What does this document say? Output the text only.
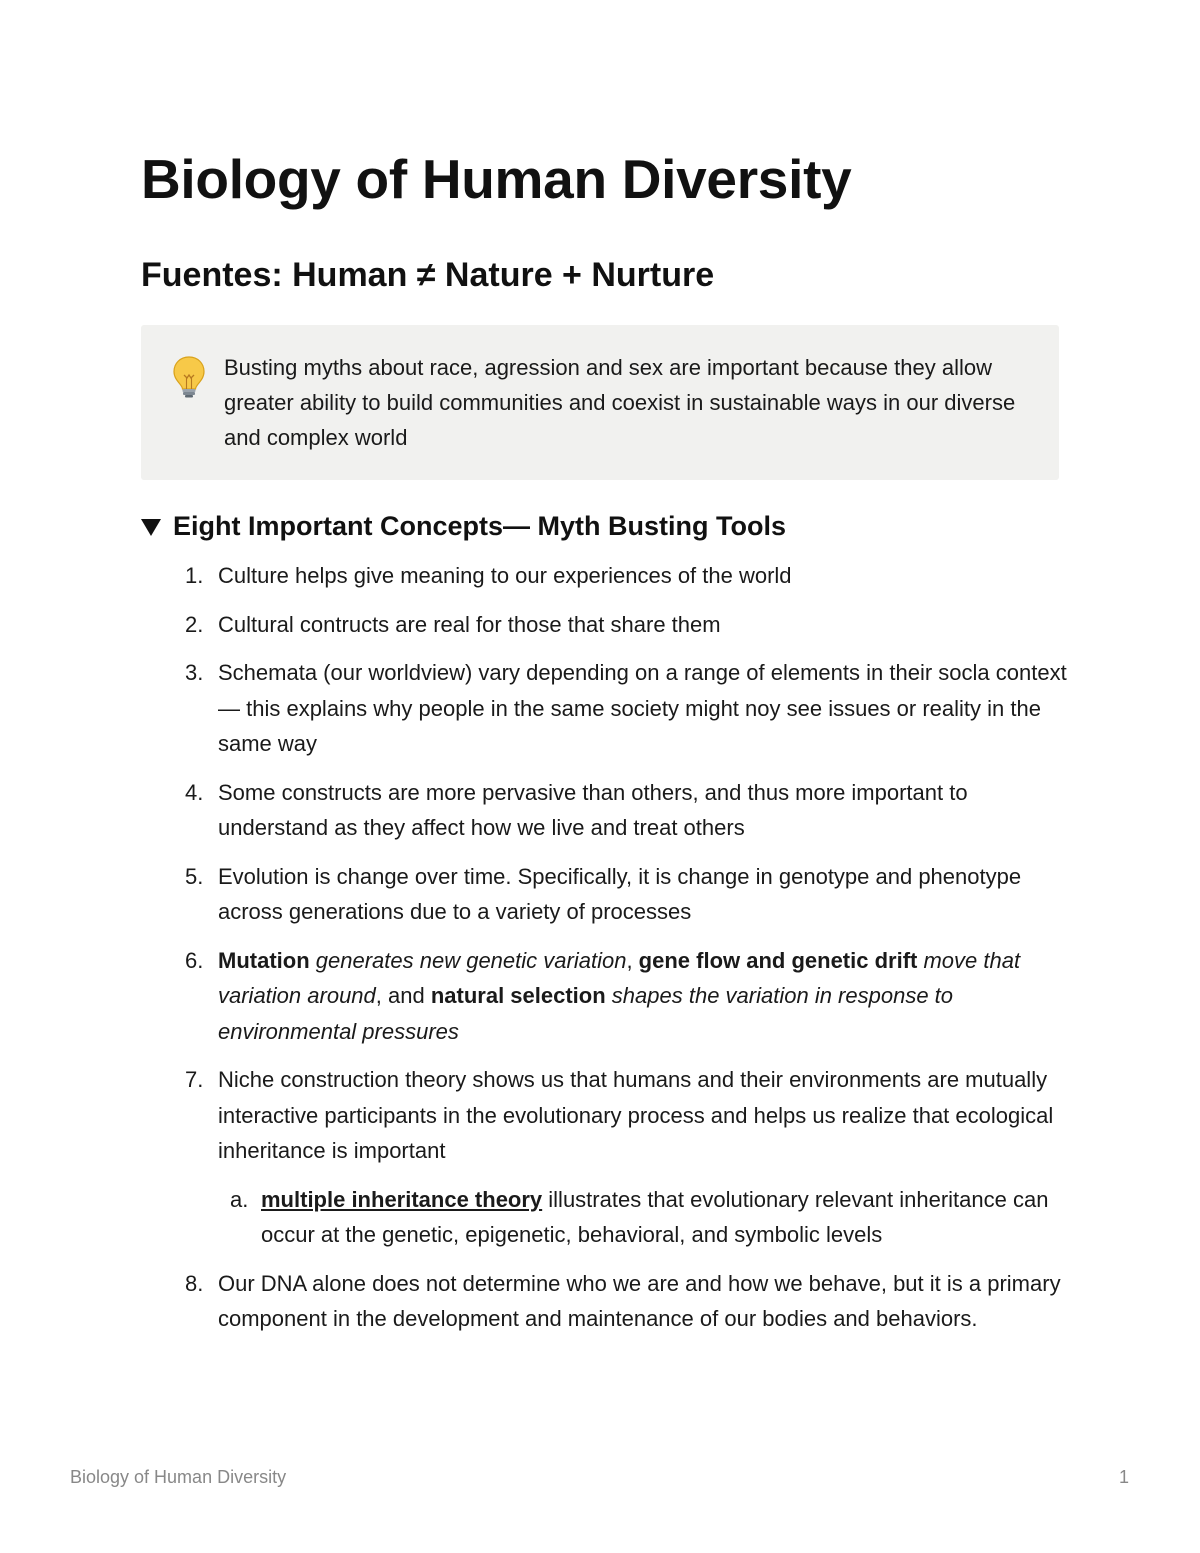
Biology of Human Diversity
Fuentes: Human ≠ Nature + Nurture
Busting myths about race, agression and sex are important because they allow greater ability to build communities and coexist in sustainable ways in our diverse and complex world
Eight Important Concepts— Myth Busting Tools
1. Culture helps give meaning to our experiences of the world
2. Cultural contructs are real for those that share them
3. Schemata (our worldview) vary depending on a range of elements in their socla context— this explains why people in the same society might noy see issues or reality in the same way
4. Some constructs are more pervasive than others, and thus more important to understand as they affect how we live and treat others
5. Evolution is change over time. Specifically, it is change in genotype and phenotype across generations due to a variety of processes
6. Mutation generates new genetic variation, gene flow and genetic drift move that variation around, and natural selection shapes the variation in response to environmental pressures
7. Niche construction theory shows us that humans and their environments are mutually interactive participants in the evolutionary process and helps us realize that ecological inheritance is important
a. multiple inheritance theory illustrates that evolutionary relevant inheritance can occur at the genetic, epigenetic, behavioral, and symbolic levels
8. Our DNA alone does not determine who we are and how we behave, but it is a primary component in the development and maintenance of our bodies and behaviors.
Biology of Human Diversity	1
